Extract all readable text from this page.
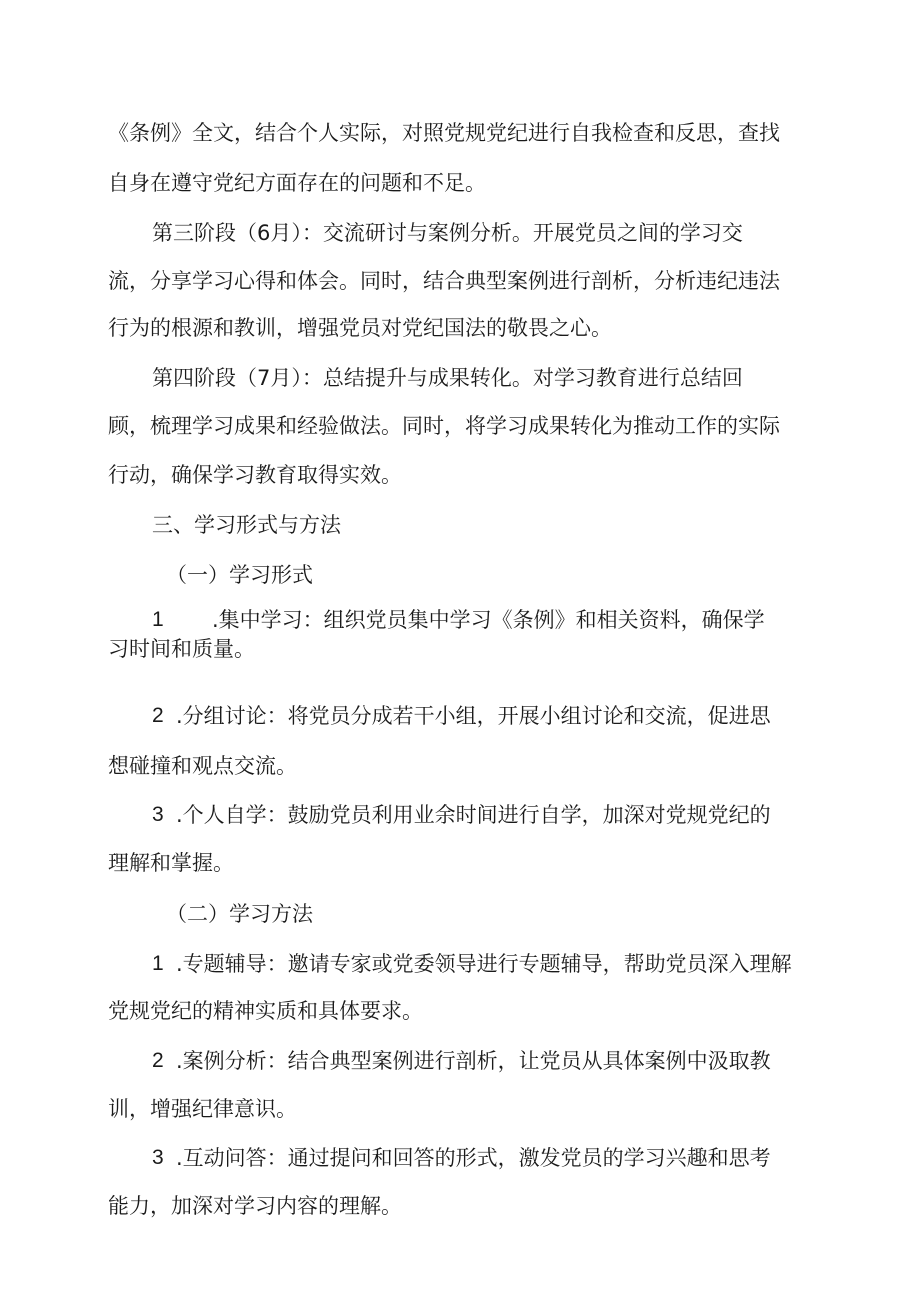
《条例》全文，结合个人实际，对照党规党纪进行自我检查和反思，查找
自身在遵守党纪方面存在的问题和不足。
第三阶段（6月）：交流研讨与案例分析。开展党员之间的学习交
流，分享学习心得和体会。同时，结合典型案例进行剖析，分析违纪违法
行为的根源和教训，增强党员对党纪国法的敬畏之心。
第四阶段（7月）：总结提升与成果转化。对学习教育进行总结回
顾，梳理学习成果和经验做法。同时，将学习成果转化为推动工作的实际
行动，确保学习教育取得实效。
三、学习形式与方法
（一）学习形式
1 .集中学习：组织党员集中学习《条例》和相关资料，确保学
习时间和质量。
2 .分组讨论：将党员分成若干小组，开展小组讨论和交流，促进思
想碰撞和观点交流。
3 .个人自学：鼓励党员利用业余时间进行自学，加深对党规党纪的
理解和掌握。
（二）学习方法
1 .专题辅导：邀请专家或党委领导进行专题辅导，帮助党员深入理解
党规党纪的精神实质和具体要求。
2 .案例分析：结合典型案例进行剖析，让党员从具体案例中汲取教
训，增强纪律意识。
3 .互动问答：通过提问和回答的形式，激发党员的学习兴趣和思考
能力，加深对学习内容的理解。
